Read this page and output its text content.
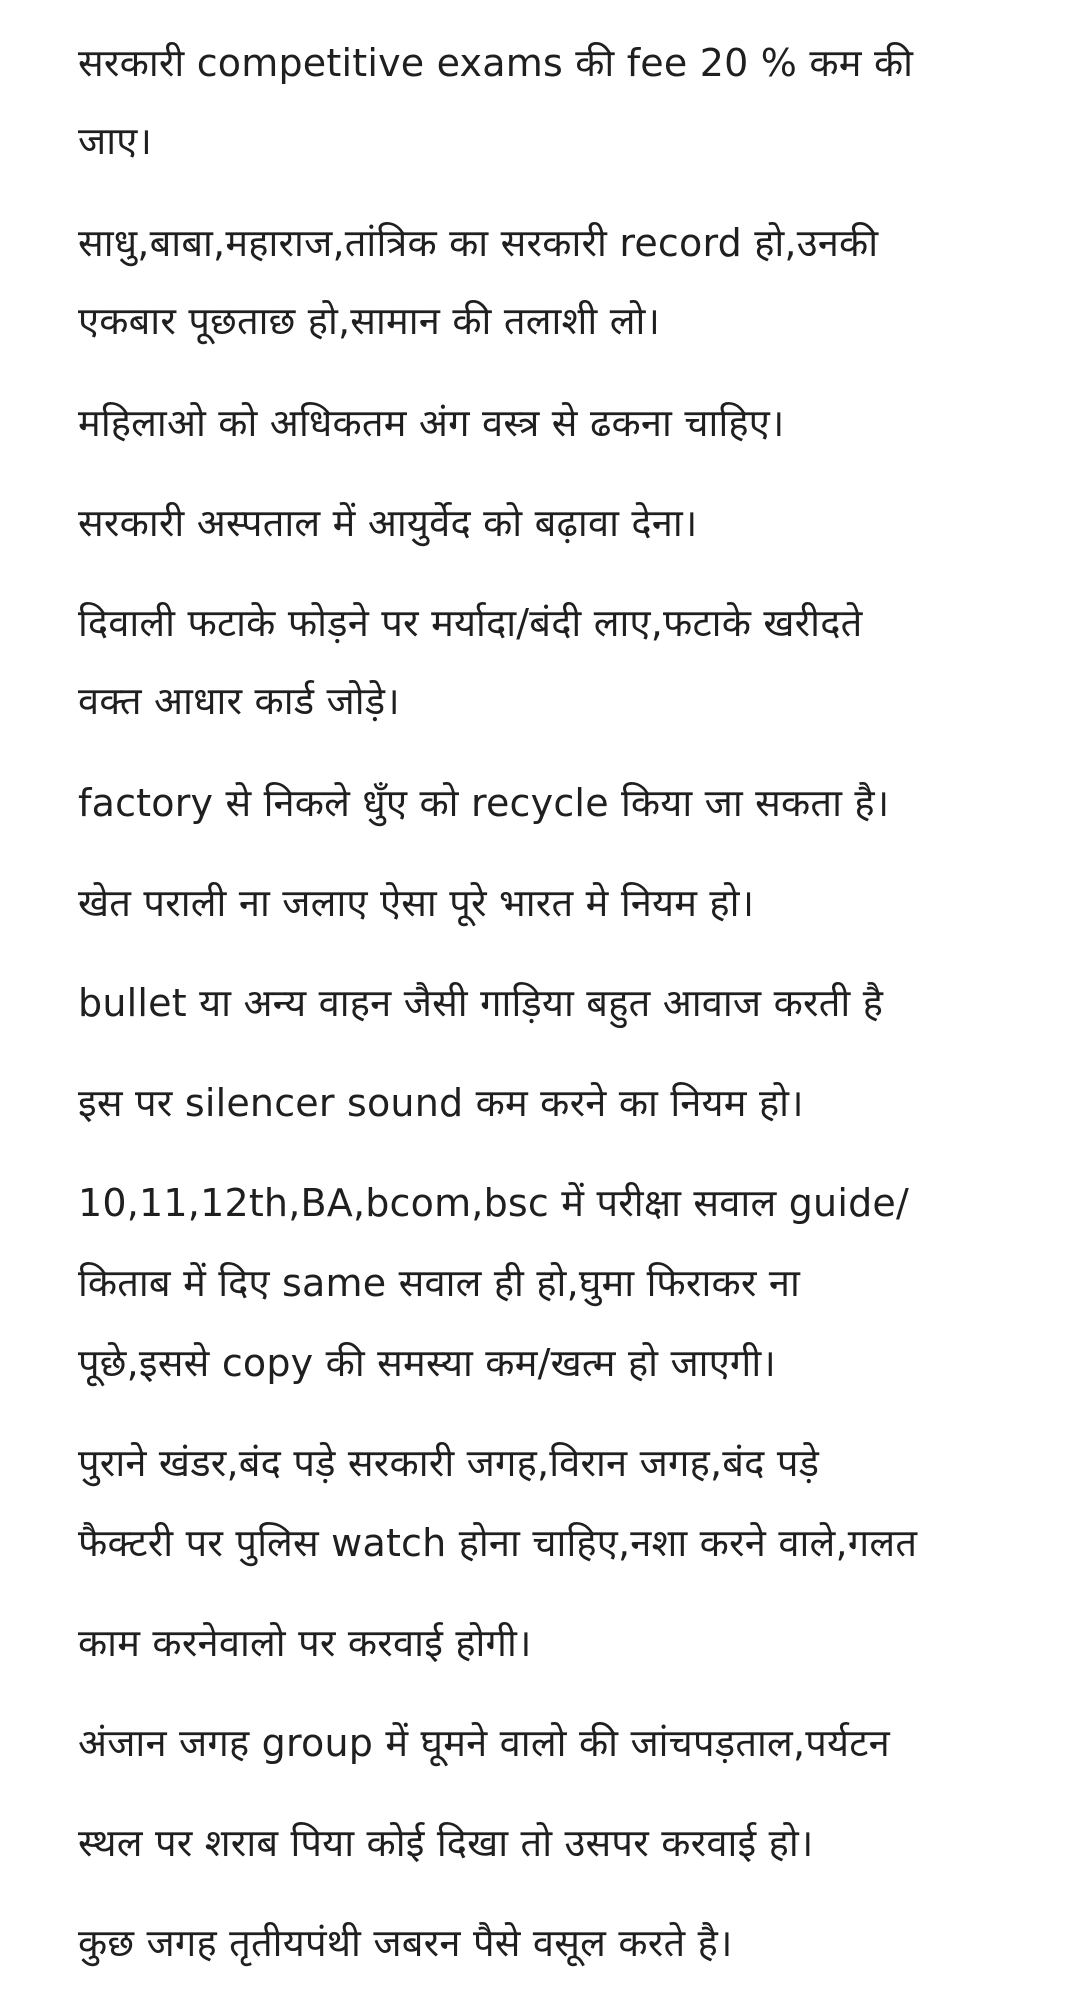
सरकारी competitive exams की fee 20 % कम की
जाए।
साधु,बाबा,महाराज,तांत्रिक का सरकारी record हो,उनकी
एकबार पूछताछ हो,सामान की तलाशी लो।
महिलाओ को अधिकतम अंग वस्त्र से ढकना चाहिए।
सरकारी अस्पताल में आयुर्वेद को बढ़ावा देना।
दिवाली फटाके फोड़ने पर मर्यादा/बंदी लाए,फटाके खरीदते
वक्त आधार कार्ड जोड़े।
factory से निकले धुँए को recycle किया जा सकता है।
खेत पराली ना जलाए ऐसा पूरे भारत मे नियम हो।
bullet या अन्य वाहन जैसी गाड़िया बहुत आवाज करती है
इस पर silencer sound कम करने का नियम हो।
10,11,12th,BA,bcom,bsc में परीक्षा सवाल guide/
किताब में दिए same सवाल ही हो,घुमा फिराकर ना
पूछे,इससे copy की समस्या कम/खत्म हो जाएगी।
पुराने खंडर,बंद पड़े सरकारी जगह,विरान जगह,बंद पड़े
फैक्टरी पर पुलिस watch होना चाहिए,नशा करने वाले,गलत
काम करनेवालो पर करवाई होगी।
अंजान जगह group में घूमने वालो की जांचपड़ताल,पर्यटन
स्थल पर शराब पिया कोई दिखा तो उसपर करवाई हो।
कुछ जगह तृतीयपंथी जबरन पैसे वसूल करते है।
